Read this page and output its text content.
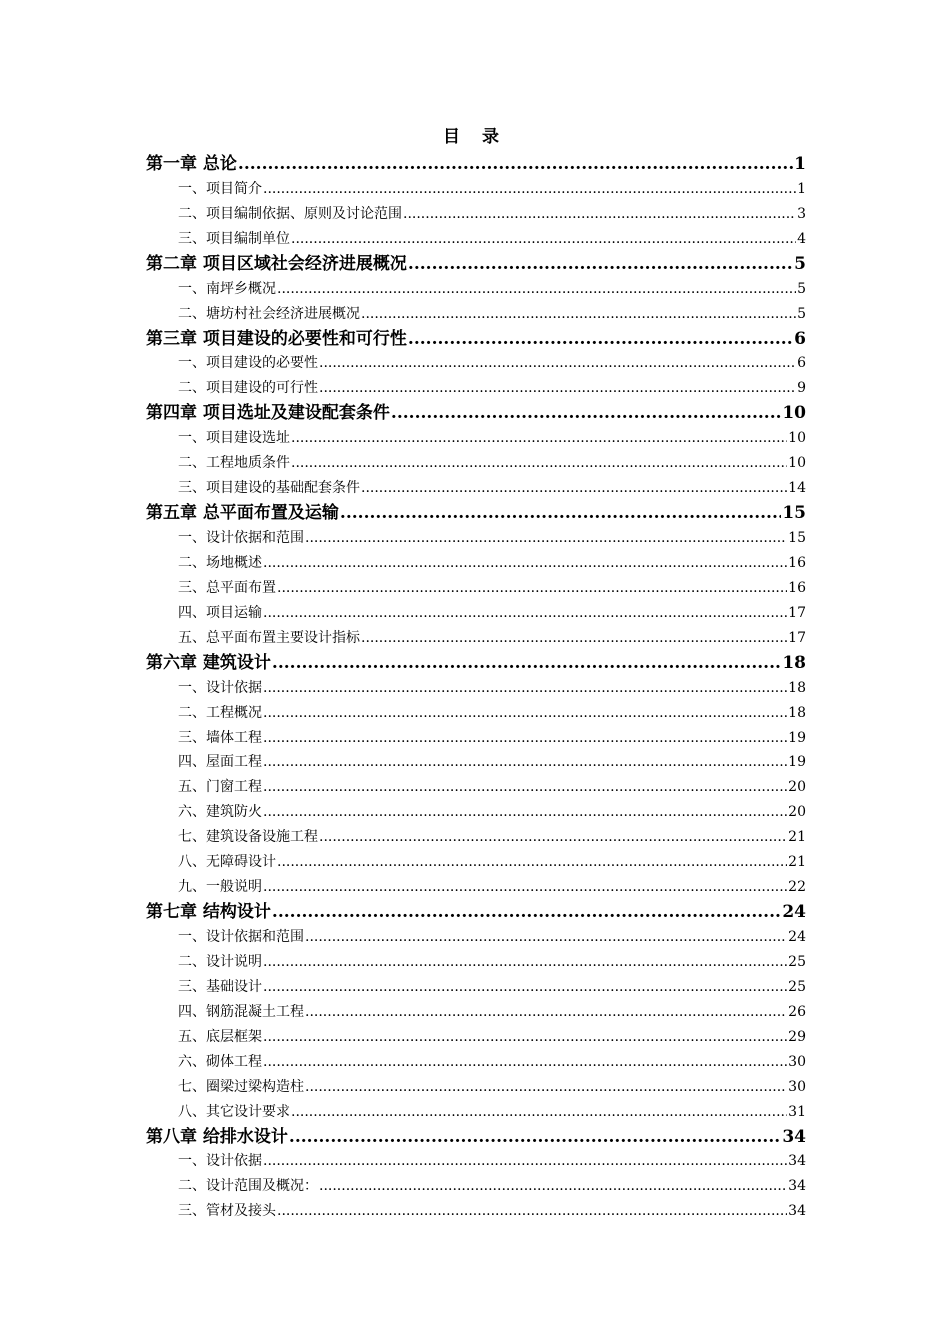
目 录
第一章 总论 .....	1
一、项目简介 .....	1
二、项目编制依据、原则及讨论范围 .....	3
三、项目编制单位 .....	4
第二章 项目区域社会经济进展概况 .....	5
一、南坪乡概况 .....	5
二、塘坊村社会经济进展概况 .....	5
第三章 项目建设的必要性和可行性 .....	6
一、项目建设的必要性 .....	6
二、项目建设的可行性 .....	9
第四章 项目选址及建设配套条件 .....	10
一、项目建设选址 .....	10
二、工程地质条件 .....	10
三、项目建设的基础配套条件 .....	14
第五章 总平面布置及运输 .....	15
一、设计依据和范围 .....	15
二、场地概述 .....	16
三、总平面布置 .....	16
四、项目运输 .....	17
五、总平面布置主要设计指标 .....	17
第六章 建筑设计 .....	18
一、设计依据 .....	18
二、工程概况 .....	18
三、墙体工程 .....	19
四、屋面工程 .....	19
五、门窗工程 .....	20
六、建筑防火 .....	20
七、建筑设备设施工程 .....	21
八、无障碍设计 .....	21
九、一般说明 .....	22
第七章 结构设计 .....	24
一、设计依据和范围 .....	24
二、设计说明 .....	25
三、基础设计 .....	25
四、钢筋混凝土工程 .....	26
五、底层框架 .....	29
六、砌体工程 .....	30
七、圈梁过梁构造柱 .....	30
八、其它设计要求 .....	31
第八章 给排水设计 .....	34
一、设计依据 .....	34
二、设计范围及概况： .....	34
三、管材及接头 .....	34
